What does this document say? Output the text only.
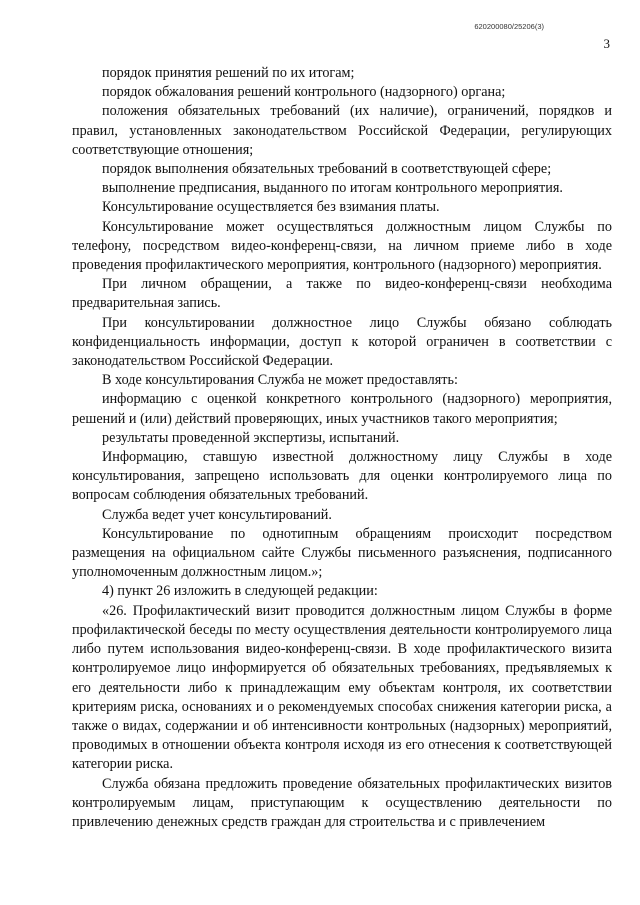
620200080/25206(3)
3

порядок принятия решений по их итогам;

порядок обжалования решений контрольного (надзорного) органа;

положения обязательных требований (их наличие), ограничений, порядков и правил, установленных законодательством Российской Федерации, регулирующих соответствующие отношения;

порядок выполнения обязательных требований в соответствующей сфере;

выполнение предписания, выданного по итогам контрольного мероприятия.

Консультирование осуществляется без взимания платы.

Консультирование может осуществляться должностным лицом Службы по телефону, посредством видео-конференц-связи, на личном приеме либо в ходе проведения профилактического мероприятия, контрольного (надзорного) мероприятия.

При личном обращении, а также по видео-конференц-связи необходима предварительная запись.

При консультировании должностное лицо Службы обязано соблюдать конфиденциальность информации, доступ к которой ограничен в соответствии с законодательством Российской Федерации.

В ходе консультирования Служба не может предоставлять:

информацию с оценкой конкретного контрольного (надзорного) мероприятия, решений и (или) действий проверяющих, иных участников такого мероприятия;

результаты проведенной экспертизы, испытаний.

Информацию, ставшую известной должностному лицу Службы в ходе консультирования, запрещено использовать для оценки контролируемого лица по вопросам соблюдения обязательных требований.

Служба ведет учет консультирований.

Консультирование по однотипным обращениям происходит посредством размещения на официальном сайте Службы письменного разъяснения, подписанного уполномоченным должностным лицом.»;

4) пункт 26 изложить в следующей редакции:

«26. Профилактический визит проводится должностным лицом Службы в форме профилактической беседы по месту осуществления деятельности контролируемого лица либо путем использования видео-конференц-связи. В ходе профилактического визита контролируемое лицо информируется об обязательных требованиях, предъявляемых к его деятельности либо к принадлежащим ему объектам контроля, их соответствии критериям риска, основаниях и о рекомендуемых способах снижения категории риска, а также о видах, содержании и об интенсивности контрольных (надзорных) мероприятий, проводимых в отношении объекта контроля исходя из его отнесения к соответствующей категории риска.

Служба обязана предложить проведение обязательных профилактических визитов контролируемым лицам, приступающим к осуществлению деятельности по привлечению денежных средств граждан для строительства и с привлечением
